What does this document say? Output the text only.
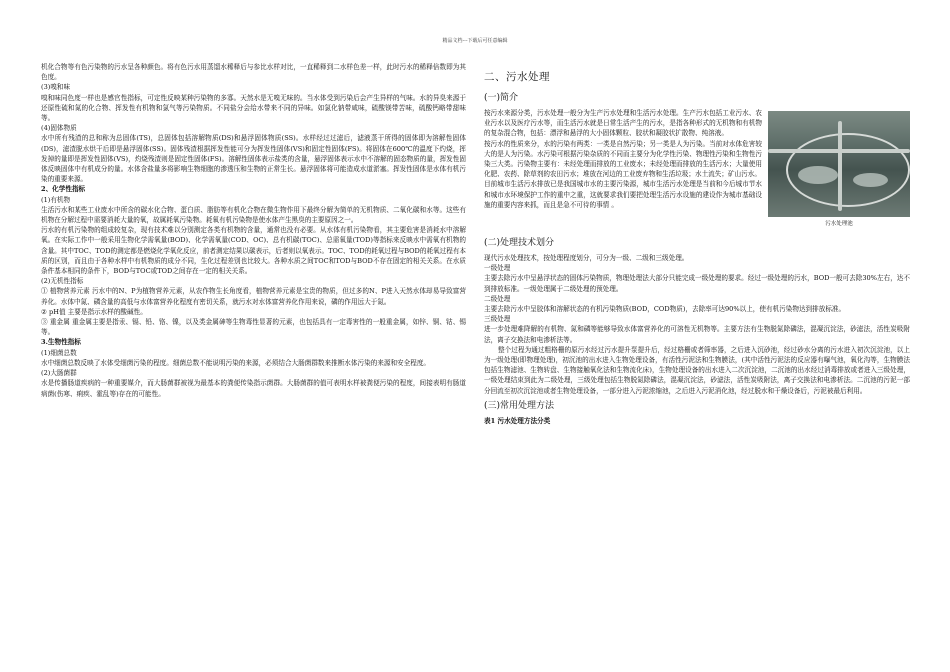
精品文档---下载后可任意编辑

机化合物等有色污染物的污水呈各种颜色。将有色污水用蒸馏水稀释后与参比水样对比，一直稀释到二水样色差一样，此时污水的稀释倍数即为其色度。

(3)嗅和味

嗅和味同色度一样也是感官性指标，可定性反映某种污染物的多寡。天然水是无嗅无味的。当水体受到污染后会产生异样的气味。水的异臭来源于还原性硫和氮的化合物、挥发性有机物和氯气等污染物质。不同盐分会给水带来不同的异味。如氯化钠带咸味，硫酸镁带苦味，硫酸钙略带甜味等。

(4)固体物质

水中所有残渣的总和称为总固体(TS)，总固体包括溶解物质(DS)和悬浮固体物质(SS)。水样经过过滤后，滤液蒸干所得的固体即为溶解性固体(DS)，滤渣脱水烘干后即是悬浮固体(SS)。固体残渣根据挥发性能可分为挥发性固体(VS)和固定性固体(FS)。将固体在600℃的温度下灼烧，挥发掉的量即是挥发性固体(VS)，灼烧残渣则是固定性固体(FS)。溶解性固体表示盐类的含量，悬浮固体表示水中不溶解的固态物质的量，挥发性固体反映固体中有机成分的量。水体含盐量多将影响生物细胞的渗透压和生物的正常生长。悬浮固体将可能造成水道淤塞。挥发性固体是水体有机污染的重要来源。

2、化学性指标

(1)有机物

生活污水和某些工业废水中所含的碳水化合物、蛋白质、脂肪等有机化合物在微生物作用下最终分解为简单的无机物质、二氧化碳和水等。这些有机物在分解过程中需要消耗大量的氧，故属耗氧污染物。耗氧有机污染物是使水体产生黑臭的主要原因之一。

污水的有机污染物的组成较复杂，现有技术难以分别测定各类有机物的含量，通常也没有必要。从水体有机污染物看，其主要危害是消耗水中溶解氧。在实际工作中一般采用生物化学需氧量(BOD)、化学需氧量(COD、OC)、总有机碳(TOC)、总需氧量(TOD)等指标来反映水中需氧有机物的含量。其中TOC、TOD的测定都是燃烧化学氧化反应，前者测定结果以碳表示，后者则以氧表示。TOC、TOD的耗氧过程与BOD的耗氧过程有本质的区别，而且由于各种水样中有机物质的成分不同，生化过程差别也比较大。各种水质之间TOC和TOD与BOD不存在固定的相关关系。在水质条件基本相同的条件下，BOD与TOC或TOD之间存在一定的相关关系。

(2)无机性指标

① 植物营养元素 污水中的N、P为植物营养元素，从农作物生长角度看，植物营养元素是宝贵的物质，但过多的N、P进入天然水体却易导致富营养化。水体中氮、磷含量的高低与水体富营养化程度有密切关系，就污水对水体富营养化作用来说，磷的作用远大于氮。

② pH值 主要是指示水样的酸碱性。

③ 重金属 重金属主要是指汞、镉、铅、铬、镍，以及类金属砷等生物毒性显著的元素，也包括具有一定毒害性的一般重金属，如锌、铜、钴、锡等。

3.生物性指标

(1)细菌总数

水中细菌总数反映了水体受细菌污染的程度。细菌总数不能说明污染的来源，必须结合大肠菌群数来推断水体污染的来源和安全程度。

(2)大肠菌群

水是传播肠道疾病的一种重要媒介，而大肠菌群被视为最基本的粪便传染指示菌群。大肠菌群的值可表明水样被粪便污染的程度，间接表明有肠道病菌(伤寒、痢疾、霍乱等)存在的可能性。

二、污水处理
(一)简介
污水处理池

按污水来源分类，污水处理一般分为生产污水处理和生活污水处理。生产污水包括工业污水、农业污水以及医疗污水等，而生活污水就是日常生活产生的污水，是指各种形式的无机物和有机物的复杂混合物，包括：漂浮和悬浮的大小固体颗粒、胶状和凝胶状扩散物、纯溶液。

按污水的性质来分，水的污染有两类：一类是自然污染；另一类是人为污染。当前对水体危害较大的是人为污染。水污染可根据污染杂质的不同而主要分为化学性污染、物理性污染和生物性污染三大类。污染物主要有：未经处理而排放的工业废水；未经处理而排放的生活污水；大量使用化肥、农药、除草剂的农田污水；堆放在河边的工业废弃物和生活垃圾；水土流失；矿山污水。

目前城市生活污水排放已是我国城市水的主要污染源，城市生活污水处理是当前和今后城市节水和城市水环境保护工作的重中之重，这就要求我们要把处理生活污水设施的建设作为城市基础设施的重要内容来抓，而且是急不可待的事情 。

(二)处理技术划分

现代污水处理技术，按处理程度划分，可分为一级、二级和三级处理。

一级处理

主要去除污水中呈悬浮状态的固体污染物质，物理处理法大部分只能完成一级处理的要求。经过一级处理的污水，BOD一般可去除30%左右，达不到排放标准。一级处理属于二级处理的预处理。

二级处理

主要去除污水中呈胶体和溶解状态的有机污染物质(BOD，COD物质)，去除率可达90%以上，使有机污染物达到排放标准。

三级处理

进一步处理难降解的有机物、氮和磷等能够导致水体富营养化的可溶性无机物等。主要方法有生物脱氮除磷法，混凝沉淀法，砂滤法，活性炭吸附法，离子交换法和电渗析法等。

整个过程为通过粗格栅的原污水经过污水提升泵提升后，经过格栅或者筛率器，之后进入沉砂池，经过砂水分离的污水进入初次沉淀池，以上为一级处理(即物理处理)，初沉池的出水进入生物处理设备，有活性污泥法和生物膜法，(其中活性污泥法的反应器有曝气池，氧化沟等，生物膜法包括生物滤池、生物转盘、生物接触氧化法和生物流化床)，生物处理设备的出水进入二次沉淀池，二沉池的出水经过消毒排放或者进入三级处理，一级处理结束到此为二级处理，三级处理包括生物脱氮除磷法，混凝沉淀法，砂滤法，活性炭吸附法，离子交换法和电渗析法。二沉池的污泥一部分回流至初次沉淀池或者生物处理设备，一部分进入污泥浓缩池，之后进入污泥消化池，经过脱水和干燥设备后，污泥被最后利用。

(三)常用处理方法
表1 污水处理方法分类
